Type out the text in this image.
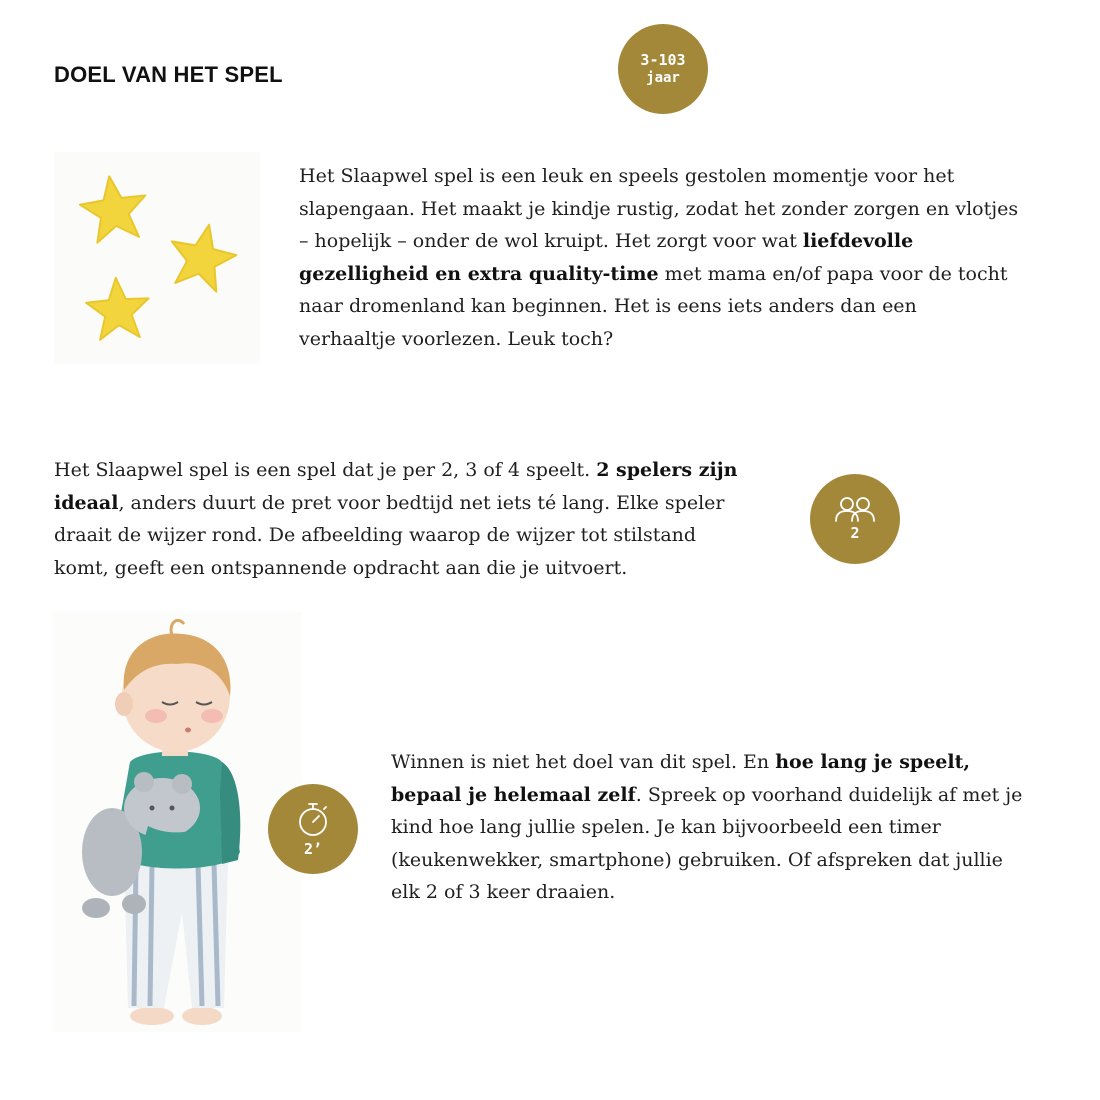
DOEL VAN HET SPEL
3-103
jaar

Het Slaapwel spel is een leuk en speels gestolen momentje voor het slapengaan. Het maakt je kindje rustig, zodat het zonder zorgen en vlotjes – hopelijk – onder de wol kruipt. Het zorgt voor wat liefdevolle gezelligheid en extra quality-time met mama en/of papa voor de tocht naar dromenland kan beginnen. Het is eens iets anders dan een verhaaltje voorlezen. Leuk toch?

Het Slaapwel spel is een spel dat je per 2, 3 of 4 speelt. 2 spelers zijn ideaal, anders duurt de pret voor bedtijd net iets té lang. Elke speler draait de wijzer rond. De afbeelding waarop de wijzer tot stilstand komt, geeft een ontspannende opdracht aan die je uitvoert.

2
2’

Winnen is niet het doel van dit spel. En hoe lang je speelt, bepaal je helemaal zelf. Spreek op voorhand duidelijk af met je kind hoe lang jullie spelen. Je kan bijvoorbeeld een timer (keukenwekker, smartphone) gebruiken. Of afspreken dat jullie elk 2 of 3 keer draaien.
